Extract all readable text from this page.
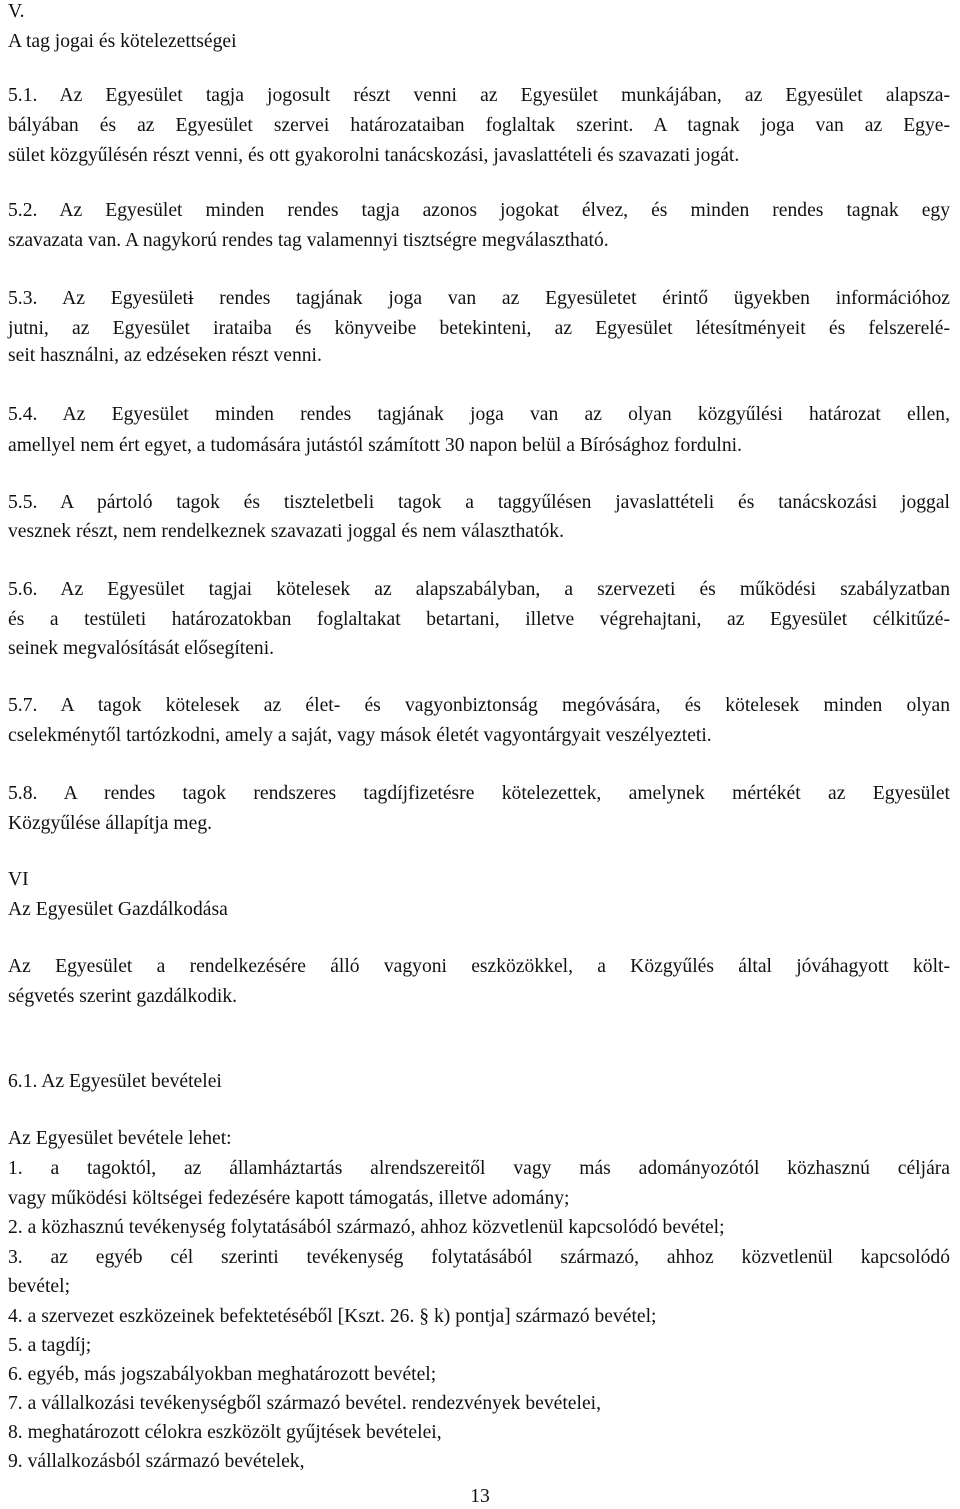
V.
A tag jogai és kötelezettségei
5.1. Az Egyesület tagja jogosult részt venni az Egyesület munkájában, az Egyesület alapsza-
bályában és az Egyesület szervei határozataiban foglaltak szerint. A tagnak joga van az Egye-
sület közgyűlésén részt venni, és ott gyakorolni tanácskozási, javaslattételi és szavazati jogát.
5.2. Az Egyesület minden rendes tagja azonos jogokat élvez, és minden rendes tagnak egy
szavazata van. A nagykorú rendes tag valamennyi tisztségre megválasztható.
5.3. Az Egyesületi rendes tagjának joga van az Egyesületet érintő ügyekben információhoz
jutni, az Egyesület irataiba és könyveibe betekinteni, az Egyesület létesítményeit és felszerelé-
seit használni, az edzéseken részt venni.
5.4. Az Egyesület minden rendes tagjának joga van az olyan közgyűlési határozat ellen,
amellyel nem ért egyet, a tudomására jutástól számított 30 napon belül a Bírósághoz fordulni.
5.5. A pártoló tagok és tiszteletbeli tagok a taggyűlésen javaslattételi és tanácskozási joggal
vesznek részt, nem rendelkeznek szavazati joggal és nem választhatók.
5.6. Az Egyesület tagjai kötelesek az alapszabályban, a szervezeti és működési szabályzatban
és a testületi határozatokban foglaltakat betartani, illetve végrehajtani, az Egyesület célkitűzé-
seinek megvalósítását elősegíteni.
5.7. A tagok kötelesek az élet- és vagyonbiztonság megóvására, és kötelesek minden olyan
cselekménytől tartózkodni, amely a saját, vagy mások életét vagyontárgyait veszélyezteti.
5.8. A rendes tagok rendszeres tagdíjfizetésre kötelezettek, amelynek mértékét az Egyesület
Közgyűlése állapítja meg.
VI
Az Egyesület Gazdálkodása
Az Egyesület a rendelkezésére álló vagyoni eszközökkel, a Közgyűlés által jóváhagyott költ-
ségvetés szerint gazdálkodik.
6.1. Az Egyesület bevételei
Az Egyesület bevétele lehet:
1. a tagoktól, az államháztartás alrendszereitől vagy más adományozótól közhasznú céljára
vagy működési költségei fedezésére kapott támogatás, illetve adomány;
2. a közhasznú tevékenység folytatásából származó, ahhoz közvetlenül kapcsolódó bevétel;
3. az egyéb cél szerinti tevékenység folytatásából származó, ahhoz közvetlenül kapcsolódó
bevétel;
4. a szervezet eszközeinek befektetéséből [Kszt. 26. § k) pontja] származó bevétel;
5. a tagdíj;
6. egyéb, más jogszabályokban meghatározott bevétel;
7. a vállalkozási tevékenységből származó bevétel. rendezvények bevételei,
8. meghatározott célokra eszközölt gyűjtések bevételei,
9. vállalkozásból származó bevételek,
13
